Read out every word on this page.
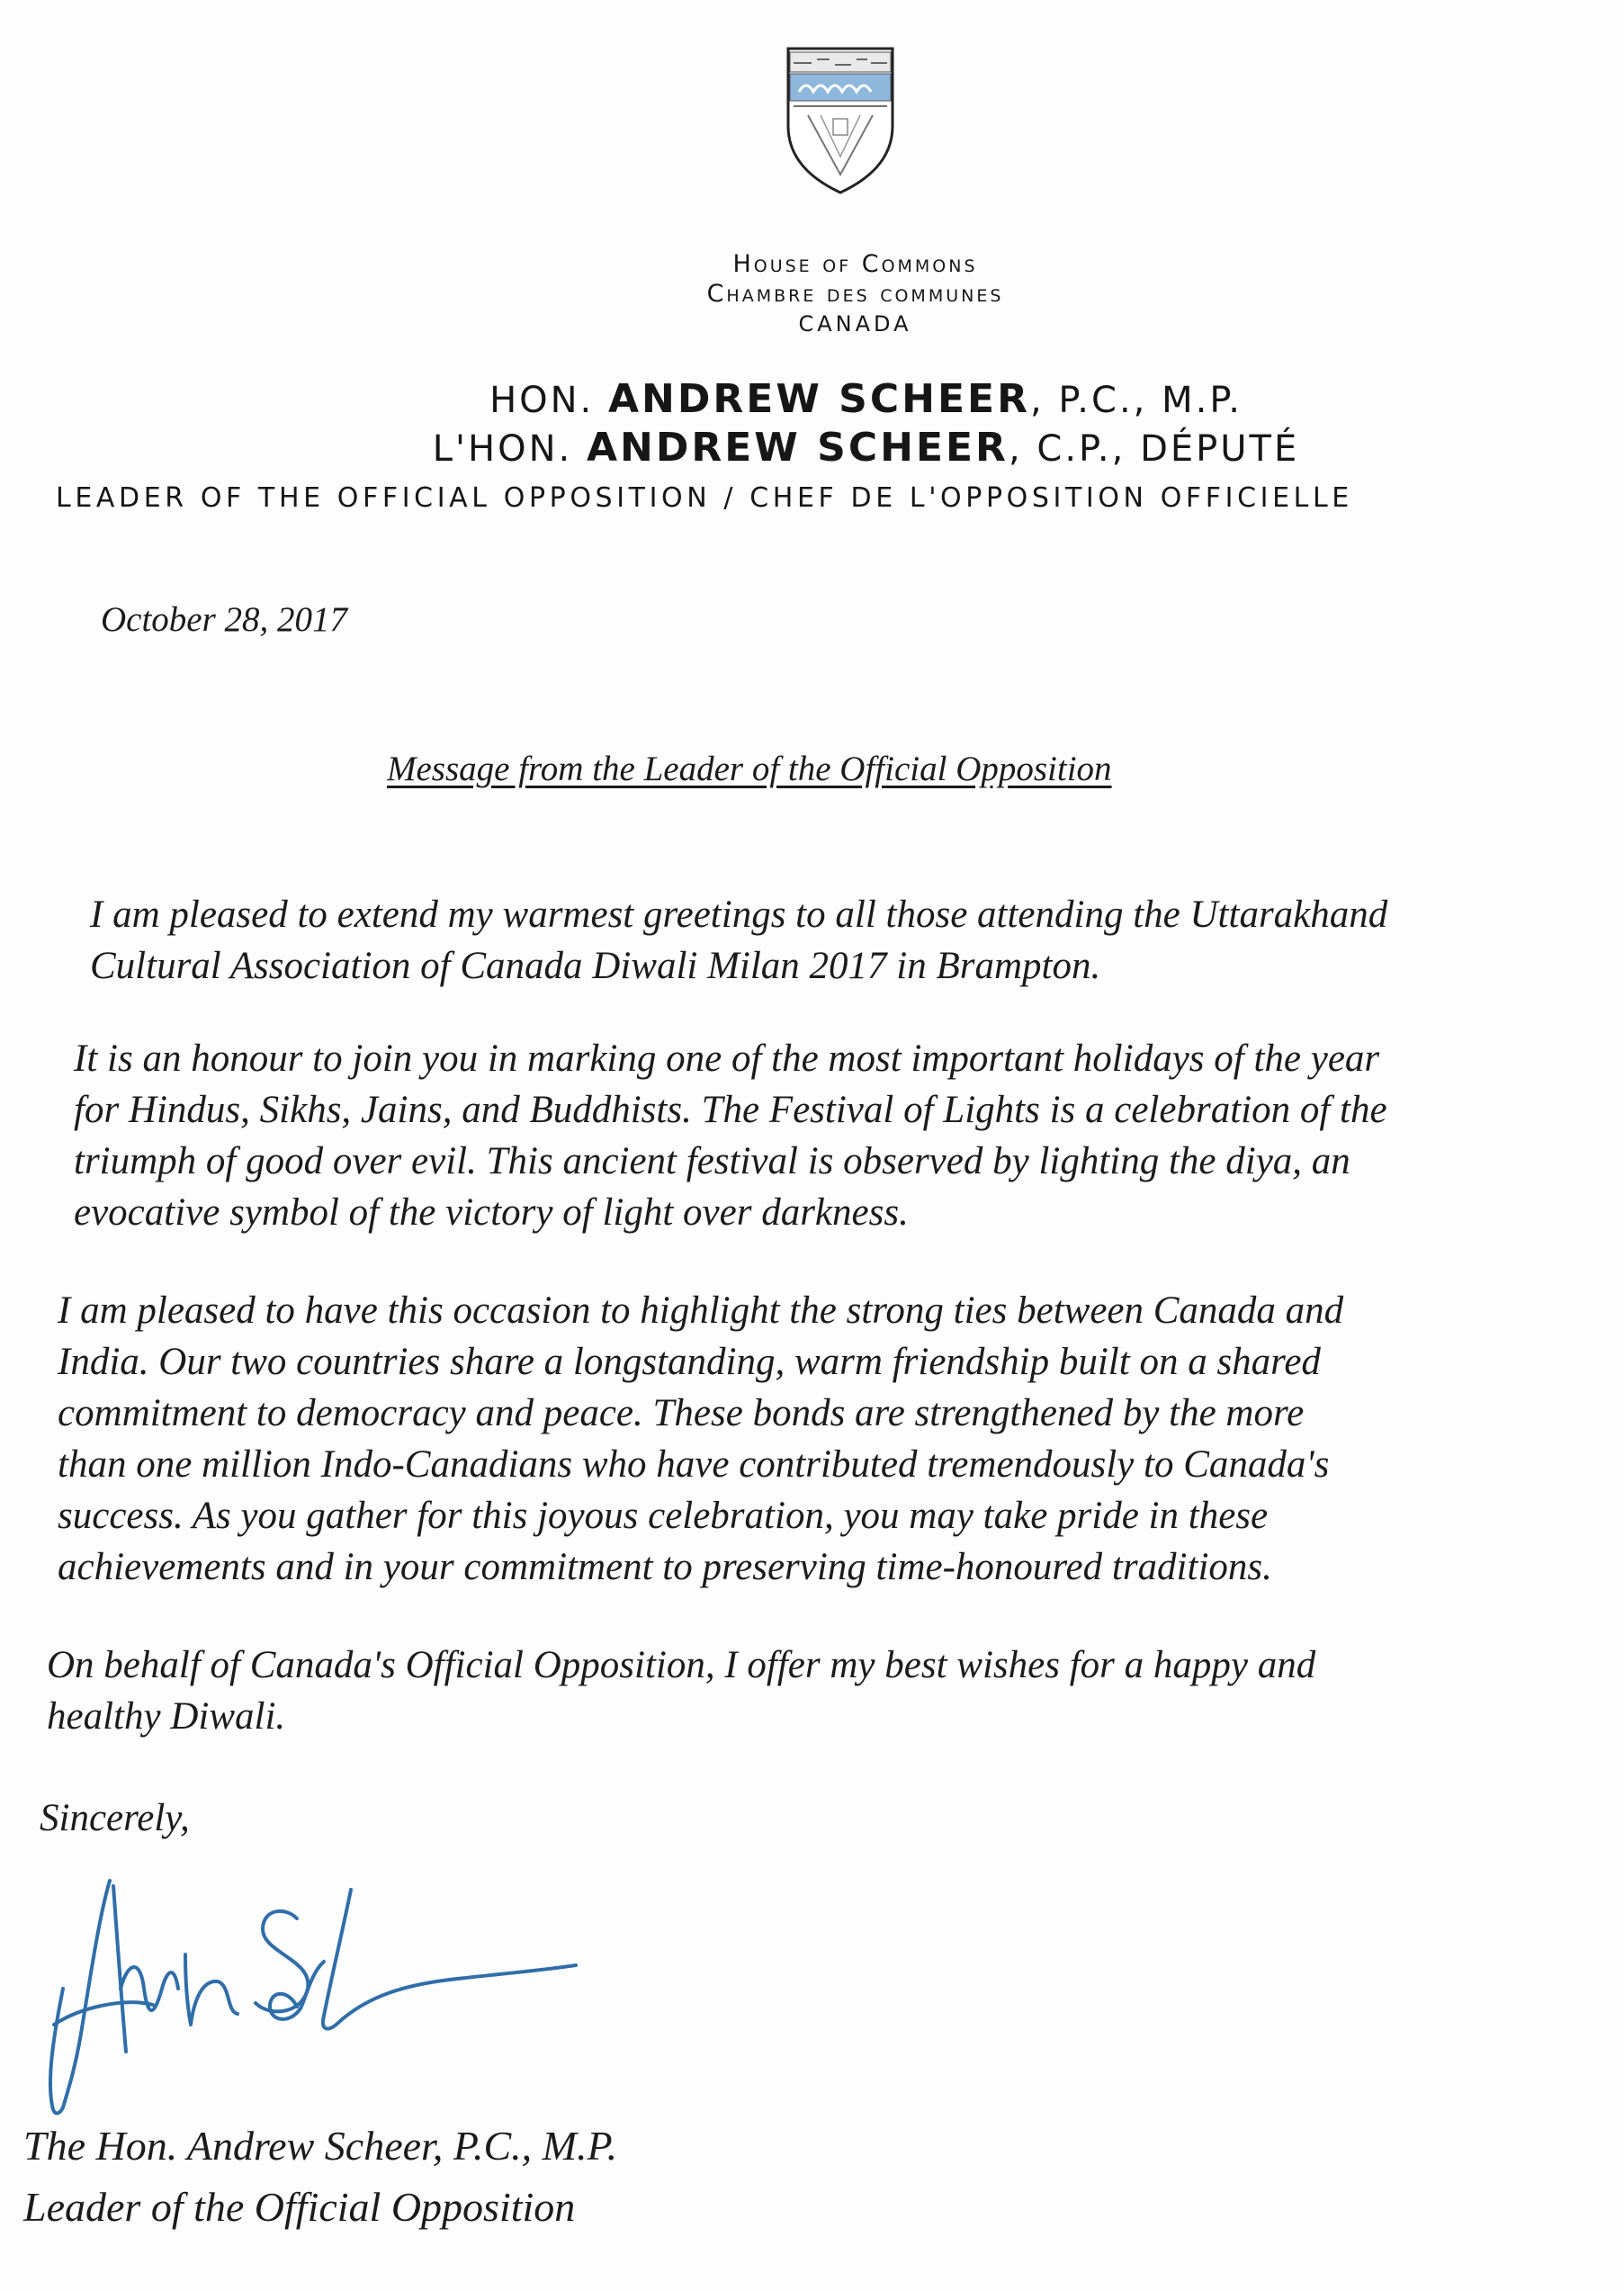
House of Commons
Chambre des communes
CANADA
HON. ANDREW SCHEER, P.C., M.P.
L'HON. ANDREW SCHEER, C.P., DÉPUTÉ
LEADER OF THE OFFICIAL OPPOSITION / CHEF DE L'OPPOSITION OFFICIELLE
October 28, 2017
Message from the Leader of the Official Opposition

I am pleased to extend my warmest greetings to all those attending the Uttarakhand
Cultural Association of Canada Diwali Milan 2017 in Brampton.

It is an honour to join you in marking one of the most important holidays of the year
for Hindus, Sikhs, Jains, and Buddhists. The Festival of Lights is a celebration of the
triumph of good over evil. This ancient festival is observed by lighting the diya, an
evocative symbol of the victory of light over darkness.

I am pleased to have this occasion to highlight the strong ties between Canada and
India. Our two countries share a longstanding, warm friendship built on a shared
commitment to democracy and peace. These bonds are strengthened by the more
than one million Indo-Canadians who have contributed tremendously to Canada's
success. As you gather for this joyous celebration, you may take pride in these
achievements and in your commitment to preserving time-honoured traditions.

On behalf of Canada's Official Opposition, I offer my best wishes for a happy and
healthy Diwali.

Sincerely,
The Hon. Andrew Scheer, P.C., M.P.
Leader of the Official Opposition
